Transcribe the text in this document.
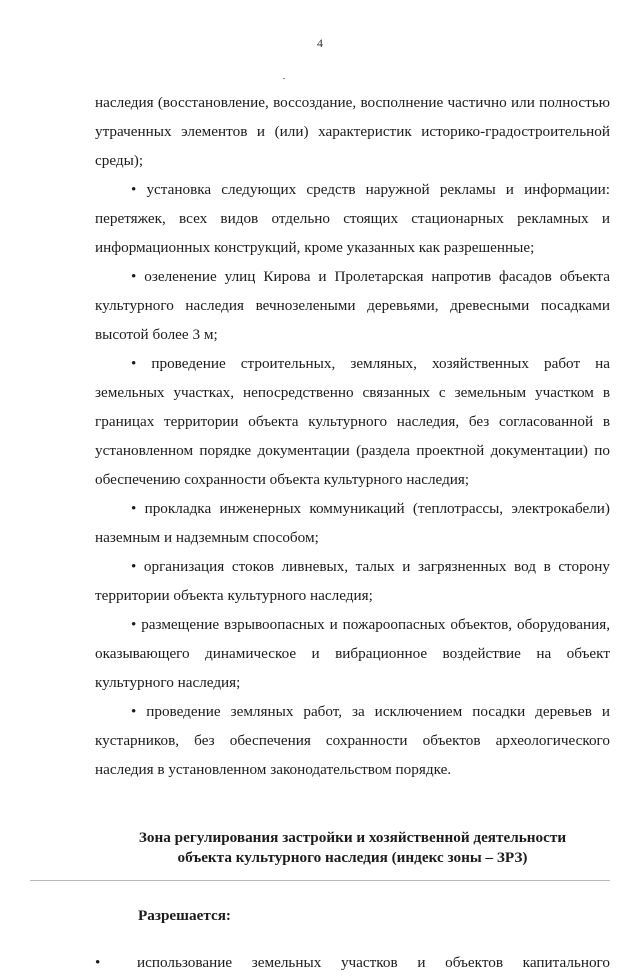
4

наследия (восстановление, воссоздание, восполнение частично или полностью утраченных элементов и (или) характеристик историко-градостроительной среды);

• установка следующих средств наружной рекламы и информации: перетяжек, всех видов отдельно стоящих стационарных рекламных и информационных конструкций, кроме указанных как разрешенные;

• озеленение улиц Кирова и Пролетарская напротив фасадов объекта культурного наследия вечнозелеными деревьями, древесными посадками высотой более 3 м;

• проведение строительных, земляных, хозяйственных работ на земельных участках, непосредственно связанных с земельным участком в границах территории объекта культурного наследия, без согласованной в установленном порядке документации (раздела проектной документации) по обеспечению сохранности объекта культурного наследия;

• прокладка инженерных коммуникаций (теплотрассы, электрокабели) наземным и надземным способом;

• организация стоков ливневых, талых и загрязненных вод в сторону территории объекта культурного наследия;

• размещение взрывоопасных и пожароопасных объектов, оборудования, оказывающего динамическое и вибрационное воздействие на объект культурного наследия;

• проведение земляных работ, за исключением посадки деревьев и кустарников, без обеспечения сохранности объектов археологического наследия в установленном законодательством порядке.

Зона регулирования застройки и хозяйственной деятельности
объекта культурного наследия (индекс зоны – ЗРЗ)
Разрешается:

• использование земельных участков и объектов капитального
